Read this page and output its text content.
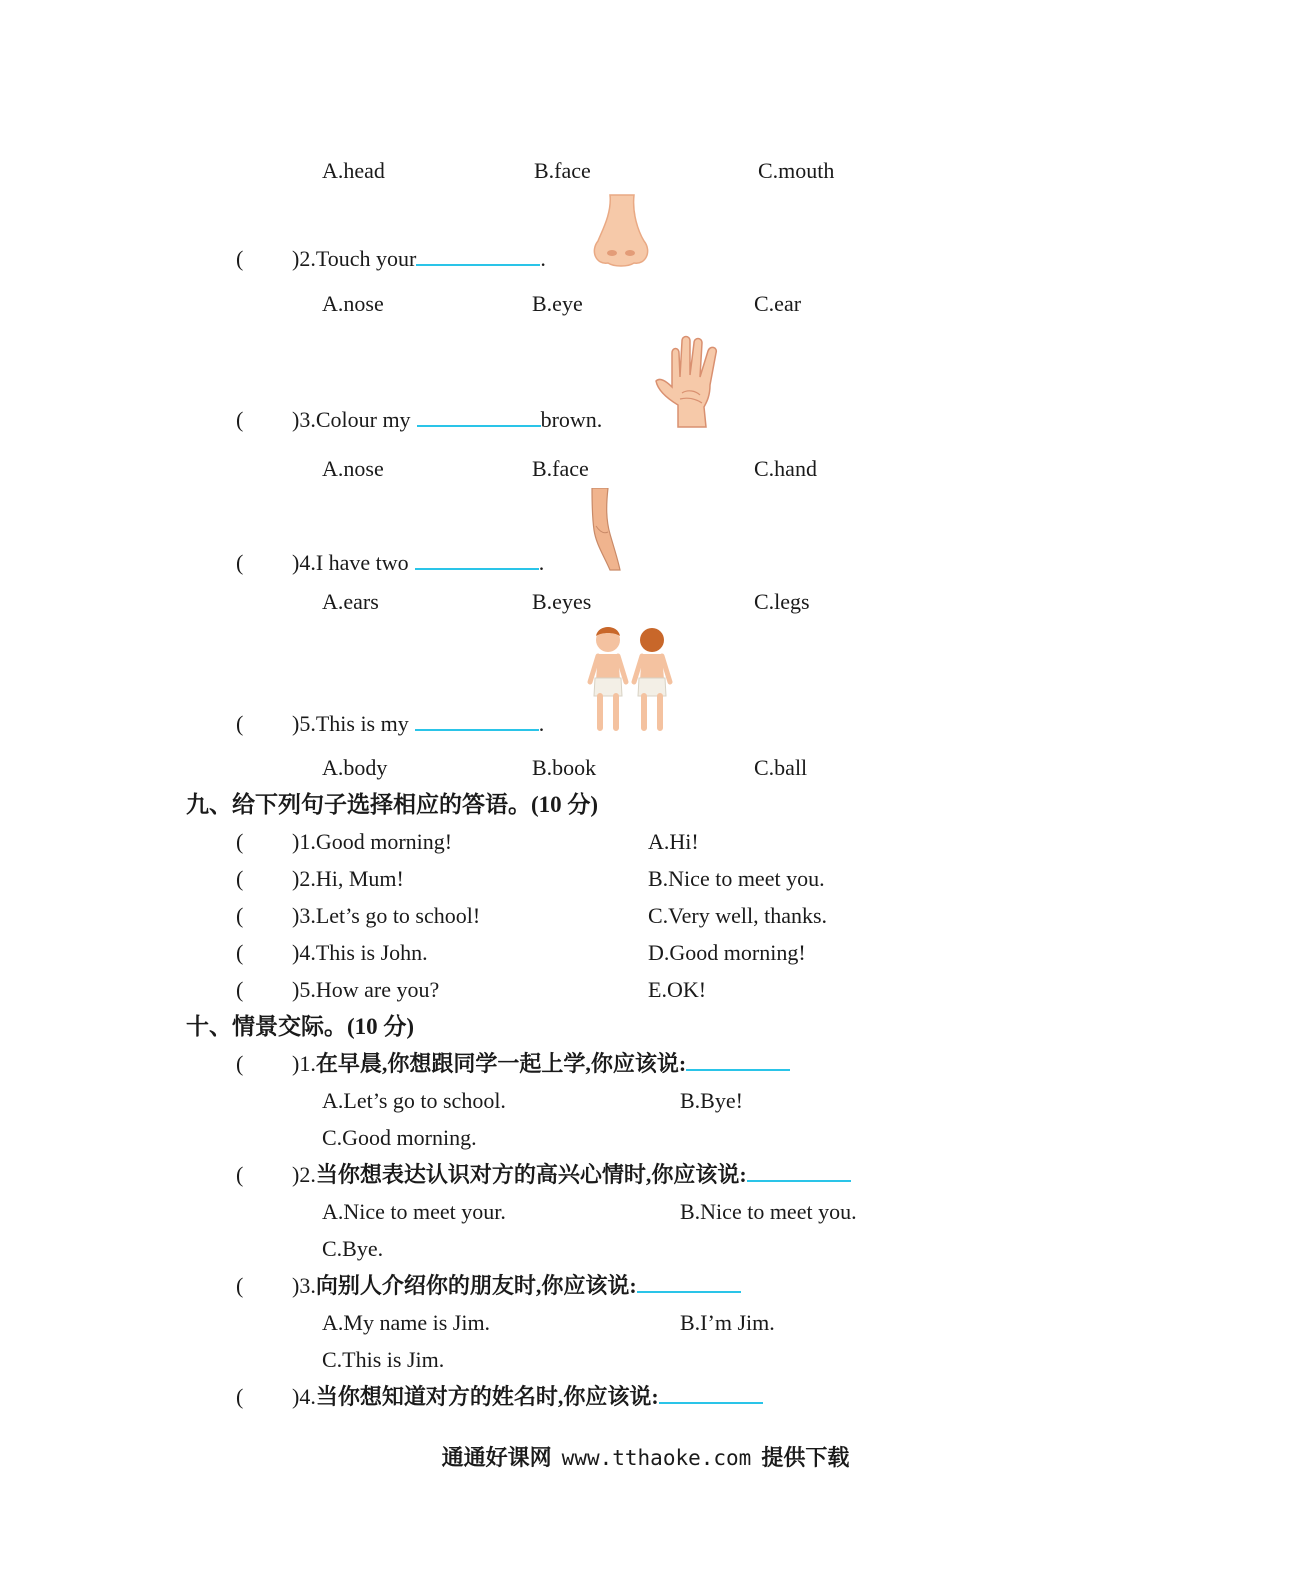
A.head	B.face	C.mouth
( )2.Touch your	.
A.nose	B.eye	C.ear
( )3.Colour my	brown.
A.nose	B.face	C.hand
( )4.I have two	.
A.ears	B.eyes	C.legs
( )5.This is my	.
A.body	B.book	C.ball
九、给下列句子选择相应的答语。(10 分)
( )1.Good morning!	A.Hi!
( )2.Hi, Mum!	B.Nice to meet you.
( )3.Let’s go to school!	C.Very well, thanks.
( )4.This is John.	D.Good morning!
( )5.How are you?	E.OK!
十、情景交际。(10 分)
( )1.在早晨,你想跟同学一起上学,你应该说:
A.Let’s go to school.	B.Bye!
C.Good morning.
( )2.当你想表达认识对方的高兴心情时,你应该说:
A.Nice to meet your.	B.Nice to meet you.
C.Bye.
( )3.向别人介绍你的朋友时,你应该说:
A.My name is Jim.	B.I’m Jim.
C.This is Jim.
( )4.当你想知道对方的姓名时,你应该说:
通通好课网 www.tthaoke.com 提供下载
